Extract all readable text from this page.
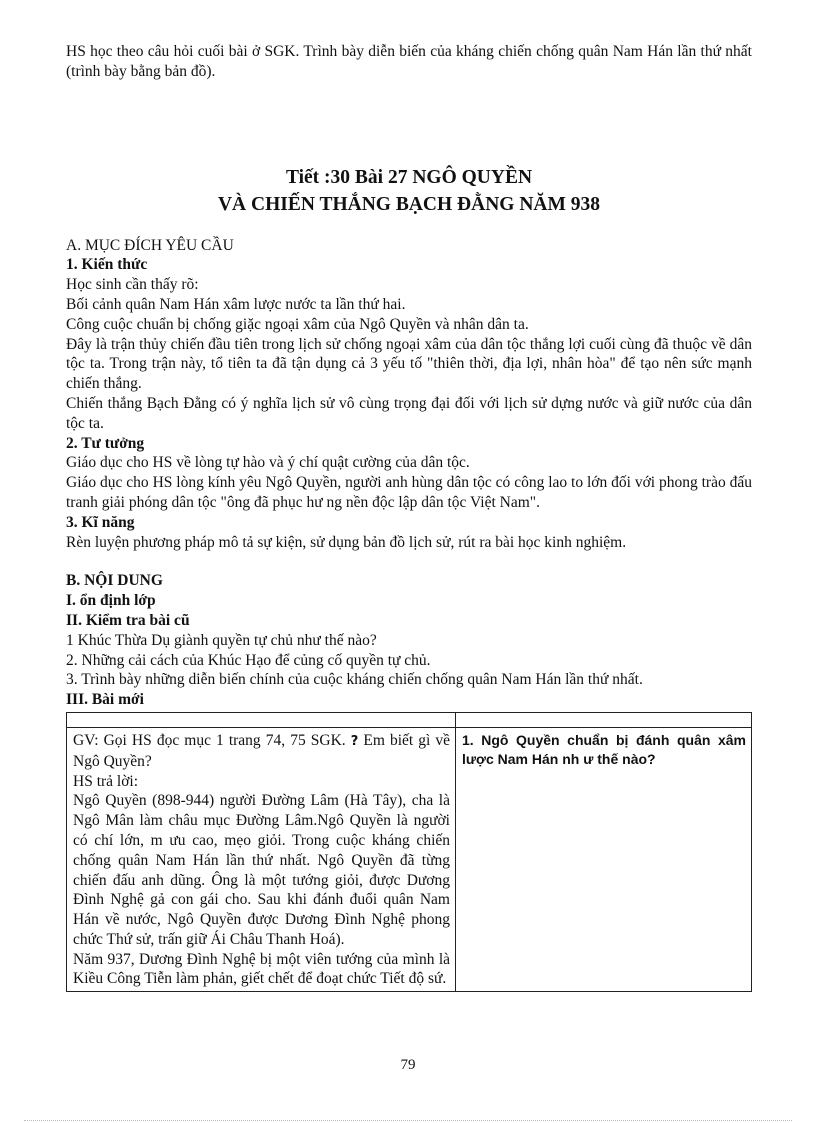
HS học theo câu hỏi cuối bài ở SGK. Trình bày diễn biến của kháng chiến chống quân Nam Hán lần thứ nhất (trình bày bằng bản đồ).

Tiết :30 Bài 27 NGÔ QUYỀN
VÀ CHIẾN THẮNG BẠCH ĐẰNG NĂM 938

A. MỤC ĐÍCH YÊU CẦU

1. Kiến thức

Học sinh cần thấy rõ:

Bối cảnh quân Nam Hán xâm lược nước ta lần thứ hai.

Công cuộc chuẩn bị chống giặc ngoại xâm của Ngô Quyền và nhân dân ta.

Đây là trận thủy chiến đầu tiên trong lịch sử chống ngoại xâm của dân tộc thắng lợi cuối cùng đã thuộc về dân tộc ta. Trong trận này, tổ tiên ta đã tận dụng cả 3 yếu tố "thiên thời, địa lợi, nhân hòa" để tạo nên sức mạnh chiến thắng.

Chiến thắng Bạch Đằng có ý nghĩa lịch sử vô cùng trọng đại đối với lịch sử dựng nước và giữ nước của dân tộc ta.

2. Tư tưởng

Giáo dục cho HS về lòng tự hào và ý chí quật cường của dân tộc.

Giáo dục cho HS lòng kính yêu Ngô Quyền, người anh hùng dân tộc có công lao to lớn đối với phong trào đấu tranh giải phóng dân tộc "ông đã phục hư ng nền độc lập dân tộc Việt Nam".

3. Kĩ năng

Rèn luyện phương pháp mô tả sự kiện, sử dụng bản đồ lịch sử, rút ra bài học kinh nghiệm.

B. NỘI DUNG

I. ổn định lớp

II. Kiểm tra bài cũ

1 Khúc Thừa Dụ giành quyền tự chủ như thế nào?

2. Những cải cách của Khúc Hạo để củng cố quyền tự chủ.

3. Trình bày những diễn biến chính của cuộc kháng chiến chống quân Nam Hán lần thứ nhất.

III. Bài mới

GV: Gọi HS đọc mục 1 trang 74, 75 SGK. ? Em biết gì về Ngô Quyền?

HS trả lời:

Ngô Quyền (898-944) người Đường Lâm (Hà Tây), cha là Ngô Mân làm châu mục Đường Lâm.Ngô Quyền là người có chí lớn, m ưu cao, mẹo giỏi. Trong cuộc kháng chiến chống quân Nam Hán lần thứ nhất. Ngô Quyền đã từng chiến đấu anh dũng. Ông là một tướng giỏi, được Dương Đình Nghệ gả con gái cho. Sau khi đánh đuổi quân Nam Hán về nước, Ngô Quyền được Dương Đình Nghệ phong chức Thứ sử, trấn giữ Ái Châu Thanh Hoá).

Năm 937, Dương Đình Nghệ bị một viên tướng của mình là Kiều Công Tiễn làm phản, giết chết để đoạt chức Tiết độ sứ.	1. Ngô Quyền chuẩn bị đánh quân xâm lược Nam Hán nh ư thế nào?

79
